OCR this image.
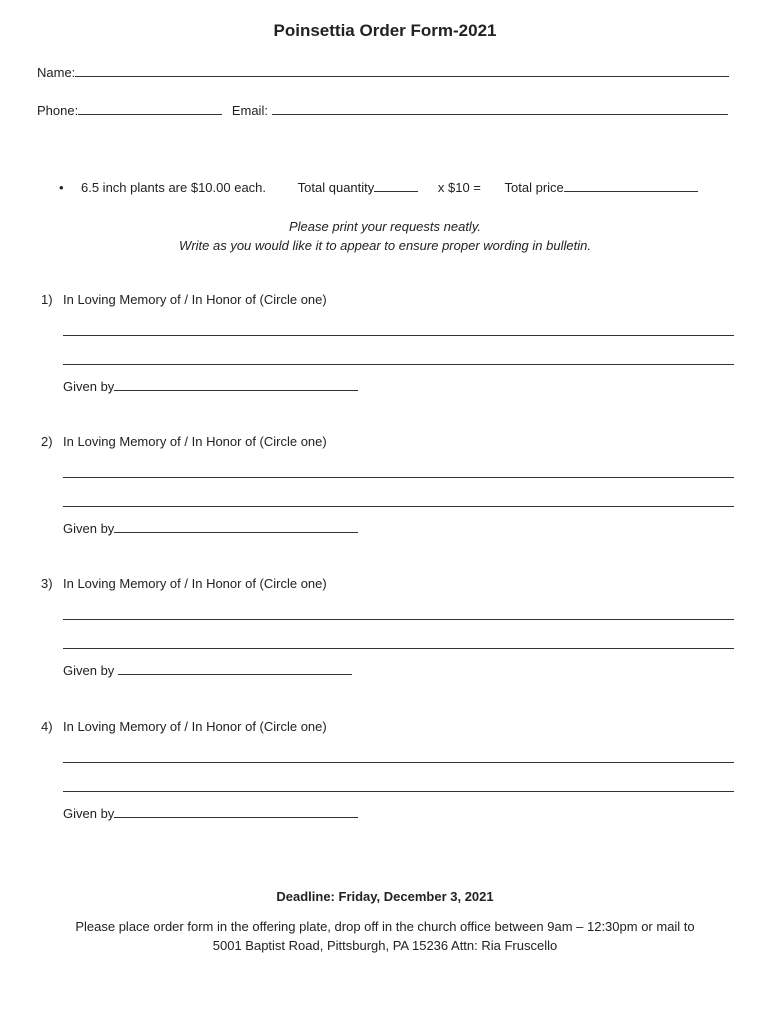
Poinsettia Order Form-2021
Name:
Phone:	Email:
• 6.5 inch plants are $10.00 each. Total quantity	x $10 = Total price
Please print your requests neatly.
Write as you would like it to appear to ensure proper wording in bulletin.
1) In Loving Memory of / In Honor of (Circle one)
Given by
2) In Loving Memory of / In Honor of (Circle one)
Given by
3) In Loving Memory of / In Honor of (Circle one)
Given by
4) In Loving Memory of / In Honor of (Circle one)
Given by
Deadline: Friday, December 3, 2021
Please place order form in the offering plate, drop off in the church office between 9am – 12:30pm or mail to
5001 Baptist Road, Pittsburgh, PA 15236 Attn: Ria Fruscello
